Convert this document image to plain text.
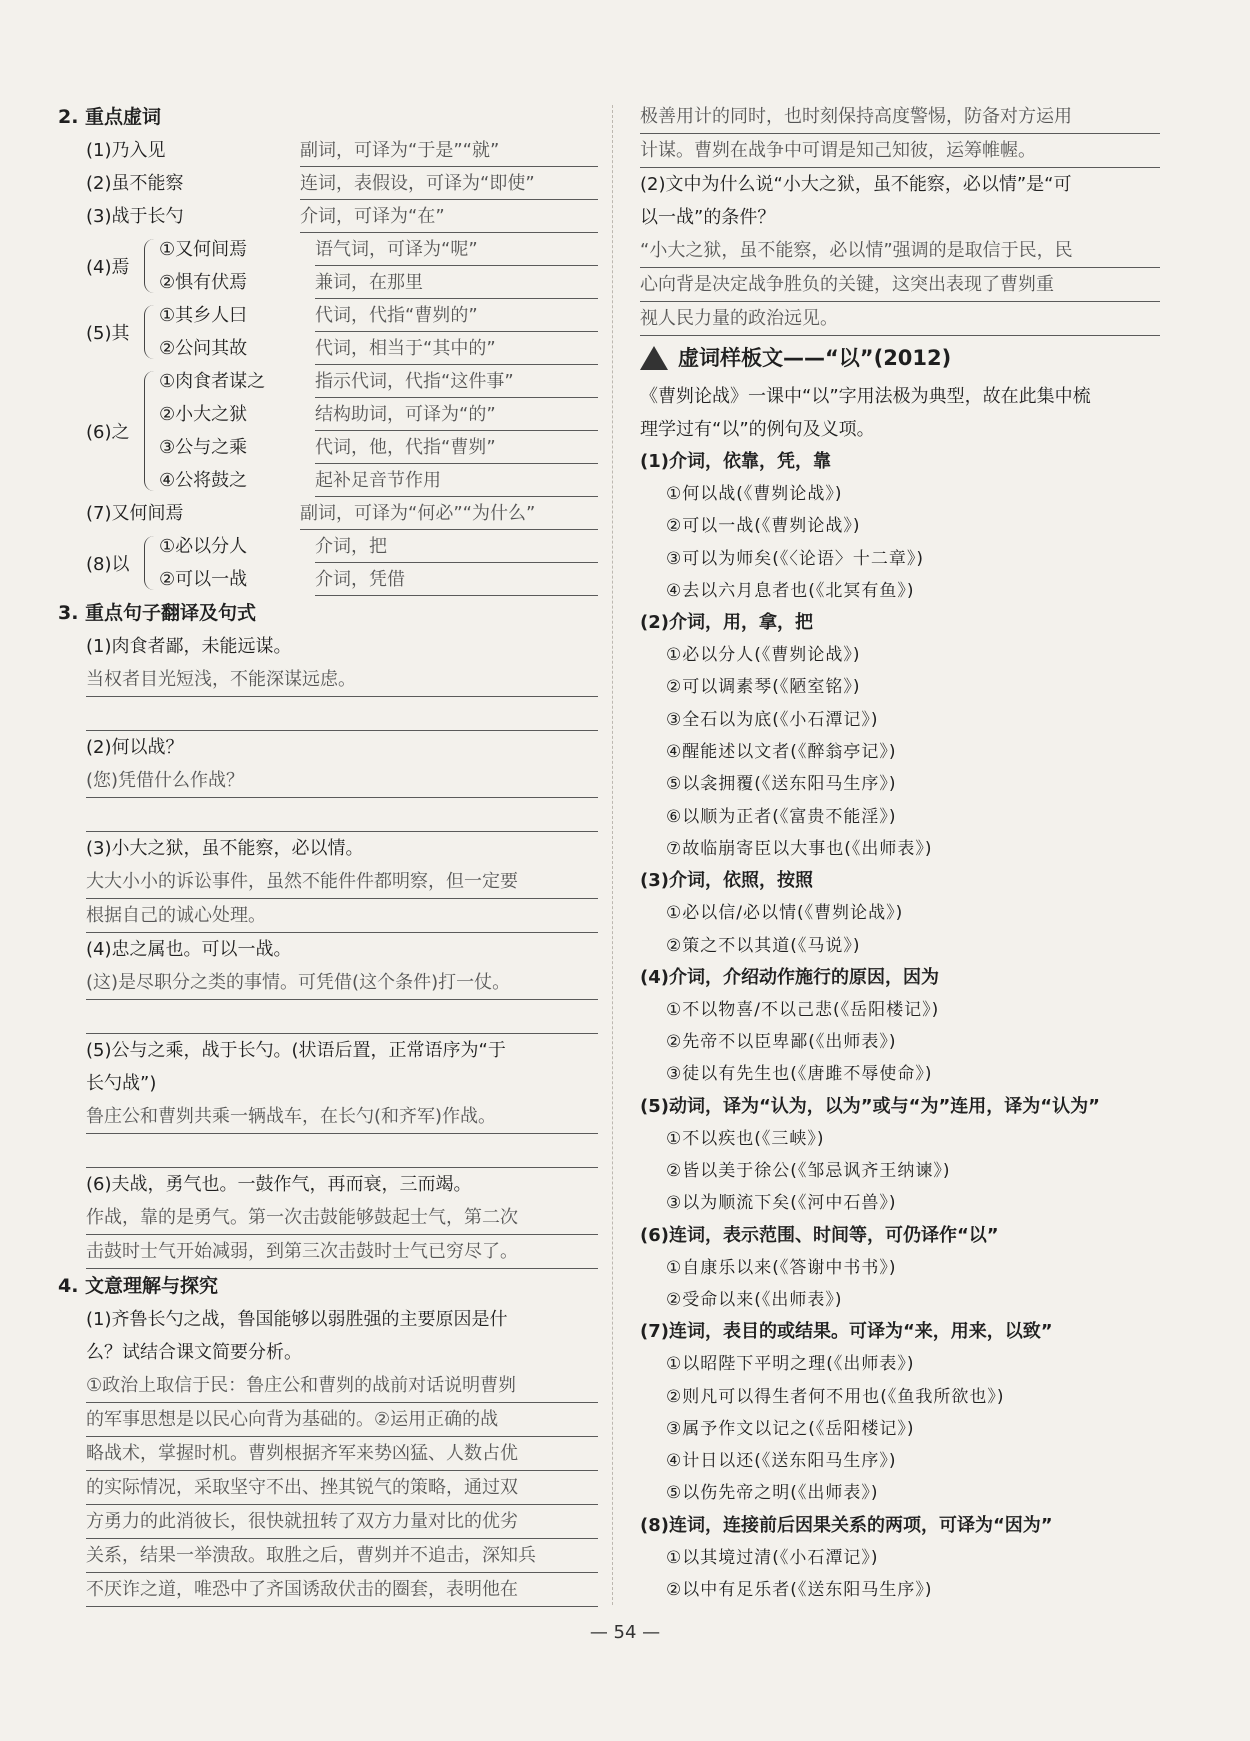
2. 重点虚词
(1)乃入见	副词，可译为“于是”“就”
(2)虽不能察	连词，表假设，可译为“即使”
(3)战于长勺	介词，可译为“在”
(4)焉
①又何间焉	语气词，可译为“呢”
②惧有伏焉	兼词，在那里
(5)其
①其乡人曰	代词，代指“曹刿的”
②公问其故	代词，相当于“其中的”
(6)之
①肉食者谋之	指示代词，代指“这件事”
②小大之狱	结构助词，可译为“的”
③公与之乘	代词，他，代指“曹刿”
④公将鼓之	起补足音节作用
(7)又何间焉	副词，可译为“何必”“为什么”
(8)以
①必以分人	介词，把
②可以一战	介词，凭借
3. 重点句子翻译及句式
(1)肉食者鄙，未能远谋。
当权者目光短浅，不能深谋远虑。
(2)何以战？
(您)凭借什么作战？
(3)小大之狱，虽不能察，必以情。
大大小小的诉讼事件，虽然不能件件都明察，但一定要
根据自己的诚心处理。
(4)忠之属也。可以一战。
(这)是尽职分之类的事情。可凭借(这个条件)打一仗。
(5)公与之乘，战于长勺。(状语后置，正常语序为“于
长勺战”)
鲁庄公和曹刿共乘一辆战车，在长勺(和齐军)作战。
(6)夫战，勇气也。一鼓作气，再而衰，三而竭。
作战，靠的是勇气。第一次击鼓能够鼓起士气，第二次
击鼓时士气开始减弱，到第三次击鼓时士气已穷尽了。
4. 文意理解与探究
(1)齐鲁长勺之战，鲁国能够以弱胜强的主要原因是什
么？试结合课文简要分析。
①政治上取信于民：鲁庄公和曹刿的战前对话说明曹刿
的军事思想是以民心向背为基础的。②运用正确的战
略战术，掌握时机。曹刿根据齐军来势凶猛、人数占优
的实际情况，采取坚守不出、挫其锐气的策略，通过双
方勇力的此消彼长，很快就扭转了双方力量对比的优劣
关系，结果一举溃敌。取胜之后，曹刿并不追击，深知兵
不厌诈之道，唯恐中了齐国诱敌伏击的圈套，表明他在
极善用计的同时，也时刻保持高度警惕，防备对方运用
计谋。曹刿在战争中可谓是知己知彼，运筹帷幄。
(2)文中为什么说“小大之狱，虽不能察，必以情”是“可
以一战”的条件？
“小大之狱，虽不能察，必以情”强调的是取信于民，民
心向背是决定战争胜负的关键，这突出表现了曹刿重
视人民力量的政治远见。
虚词样板文——“以”(2012)
《曹刿论战》一课中“以”字用法极为典型，故在此集中梳
理学过有“以”的例句及义项。
(1)介词，依靠，凭，靠
①何以战(《曹刿论战》)
②可以一战(《曹刿论战》)
③可以为师矣(《〈论语〉十二章》)
④去以六月息者也(《北冥有鱼》)
(2)介词，用，拿，把
①必以分人(《曹刿论战》)
②可以调素琴(《陋室铭》)
③全石以为底(《小石潭记》)
④醒能述以文者(《醉翁亭记》)
⑤以衾拥覆(《送东阳马生序》)
⑥以顺为正者(《富贵不能淫》)
⑦故临崩寄臣以大事也(《出师表》)
(3)介词，依照，按照
①必以信/必以情(《曹刿论战》)
②策之不以其道(《马说》)
(4)介词，介绍动作施行的原因，因为
①不以物喜/不以己悲(《岳阳楼记》)
②先帝不以臣卑鄙(《出师表》)
③徒以有先生也(《唐雎不辱使命》)
(5)动词，译为“认为，以为”或与“为”连用，译为“认为”
①不以疾也(《三峡》)
②皆以美于徐公(《邹忌讽齐王纳谏》)
③以为顺流下矣(《河中石兽》)
(6)连词，表示范围、时间等，可仍译作“以”
①自康乐以来(《答谢中书书》)
②受命以来(《出师表》)
(7)连词，表目的或结果。可译为“来，用来，以致”
①以昭陛下平明之理(《出师表》)
②则凡可以得生者何不用也(《鱼我所欲也》)
③属予作文以记之(《岳阳楼记》)
④计日以还(《送东阳马生序》)
⑤以伤先帝之明(《出师表》)
(8)连词，连接前后因果关系的两项，可译为“因为”
①以其境过清(《小石潭记》)
②以中有足乐者(《送东阳马生序》)
— 54 —
